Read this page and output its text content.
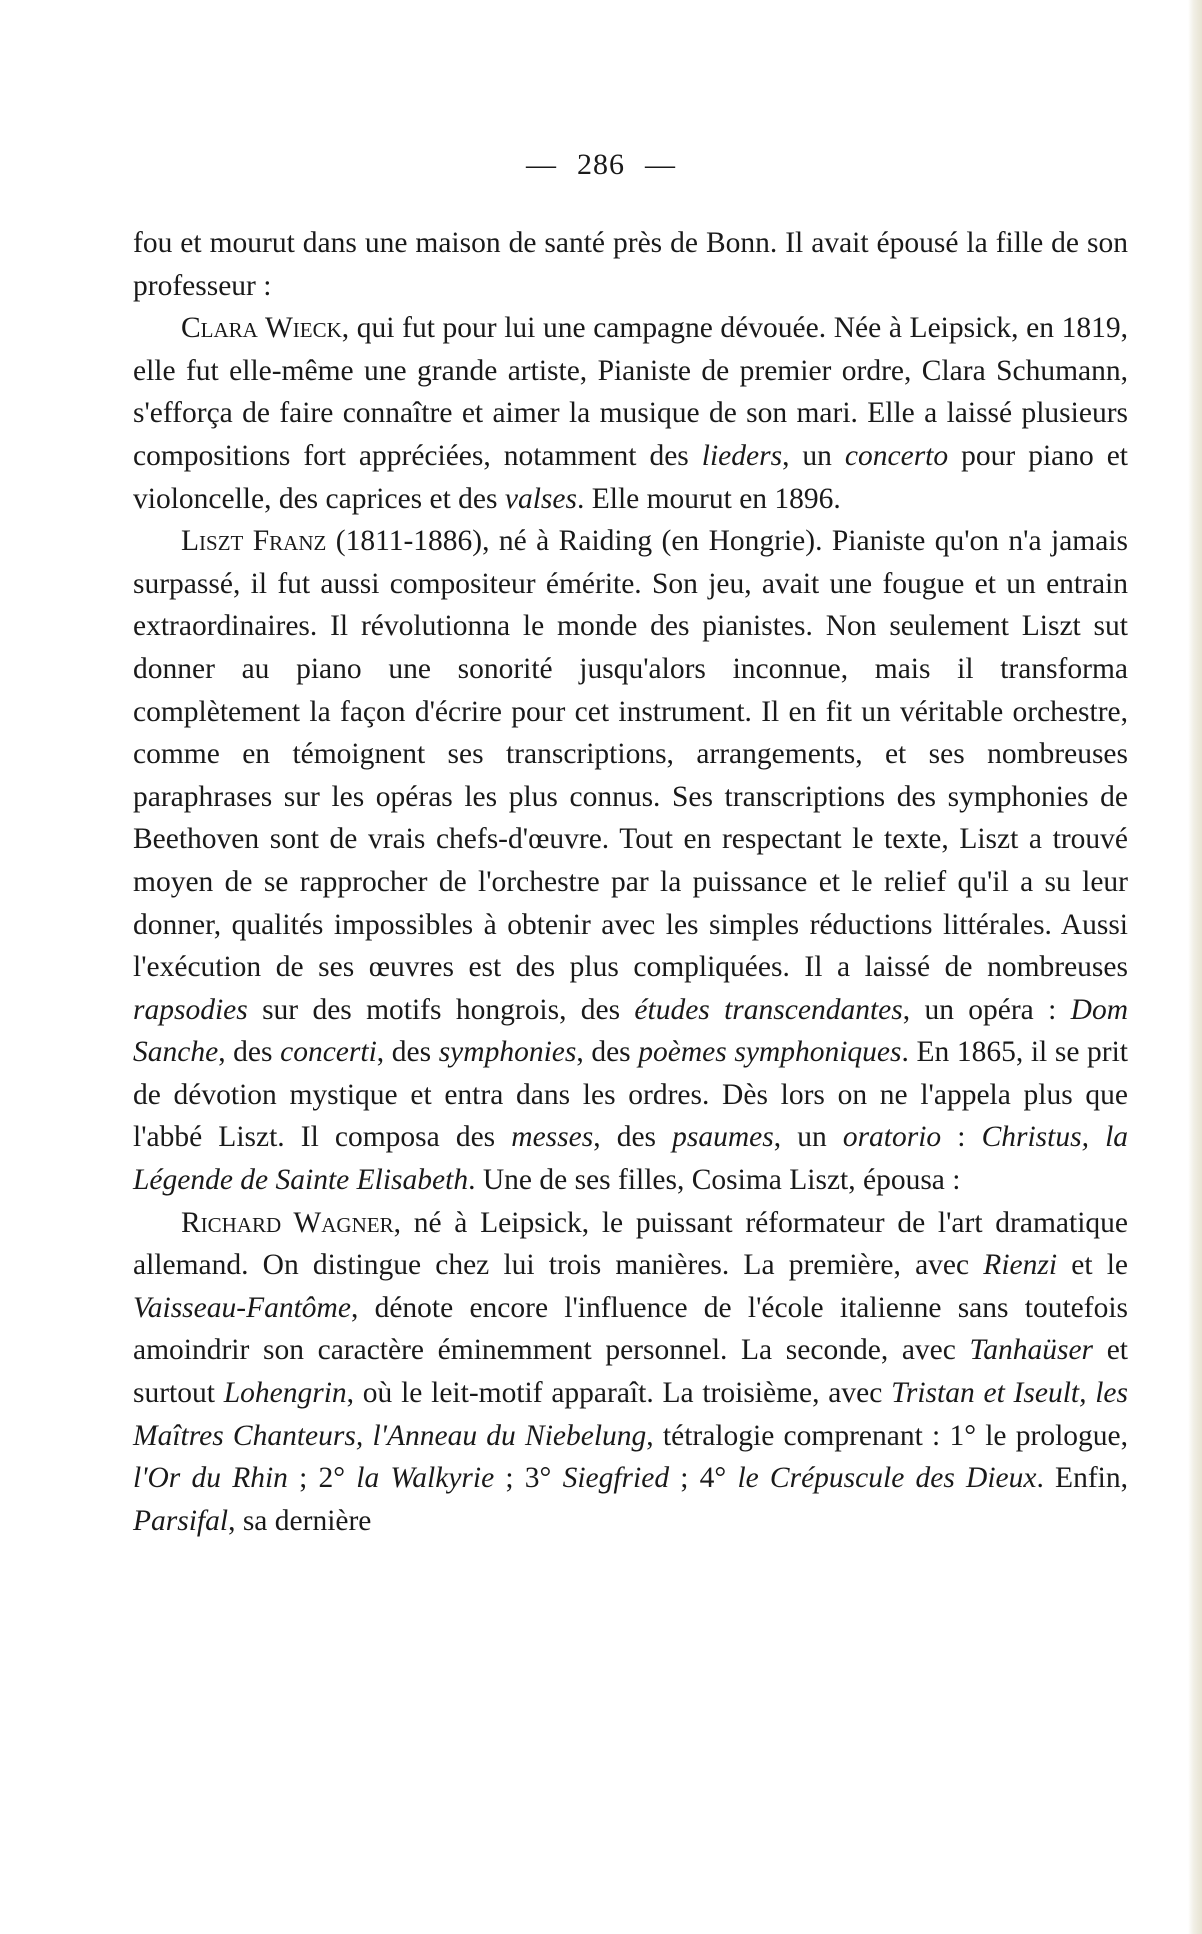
— 286 —

fou et mourut dans une maison de santé près de Bonn. Il avait épousé la fille de son professeur :

Clara Wieck, qui fut pour lui une campagne dévouée. Née à Leipsick, en 1819, elle fut elle-même une grande artiste, Pianiste de premier ordre, Clara Schumann, s'efforça de faire connaître et aimer la musique de son mari. Elle a laissé plusieurs compositions fort appréciées, notamment des lieders, un concerto pour piano et violoncelle, des caprices et des valses. Elle mourut en 1896.

Liszt Franz (1811-1886), né à Raiding (en Hongrie). Pianiste qu'on n'a jamais surpassé, il fut aussi compositeur émérite. Son jeu, avait une fougue et un entrain extraordinaires. Il révolutionna le monde des pianistes. Non seulement Liszt sut donner au piano une sonorité jusqu'alors inconnue, mais il transforma complètement la façon d'écrire pour cet instrument. Il en fit un véritable orchestre, comme en témoignent ses transcriptions, arrangements, et ses nombreuses paraphrases sur les opéras les plus connus. Ses transcriptions des symphonies de Beethoven sont de vrais chefs-d'œuvre. Tout en respectant le texte, Liszt a trouvé moyen de se rapprocher de l'orchestre par la puissance et le relief qu'il a su leur donner, qualités impossibles à obtenir avec les simples réductions littérales. Aussi l'exécution de ses œuvres est des plus compliquées. Il a laissé de nombreuses rapsodies sur des motifs hongrois, des études transcendantes, un opéra : Dom Sanche, des concerti, des symphonies, des poèmes symphoniques. En 1865, il se prit de dévotion mystique et entra dans les ordres. Dès lors on ne l'appela plus que l'abbé Liszt. Il composa des messes, des psaumes, un oratorio : Christus, la Légende de Sainte Elisabeth. Une de ses filles, Cosima Liszt, épousa :

Richard Wagner, né à Leipsick, le puissant réformateur de l'art dramatique allemand. On distingue chez lui trois manières. La première, avec Rienzi et le Vaisseau-Fantôme, dénote encore l'influence de l'école italienne sans toutefois amoindrir son caractère éminemment personnel. La seconde, avec Tanhaüser et surtout Lohengrin, où le leit-motif apparaît. La troisième, avec Tristan et Iseult, les Maîtres Chanteurs, l'Anneau du Niebelung, tétralogie comprenant : 1° le prologue, l'Or du Rhin ; 2° la Walkyrie ; 3° Siegfried ; 4° le Crépuscule des Dieux. Enfin, Parsifal, sa dernière
